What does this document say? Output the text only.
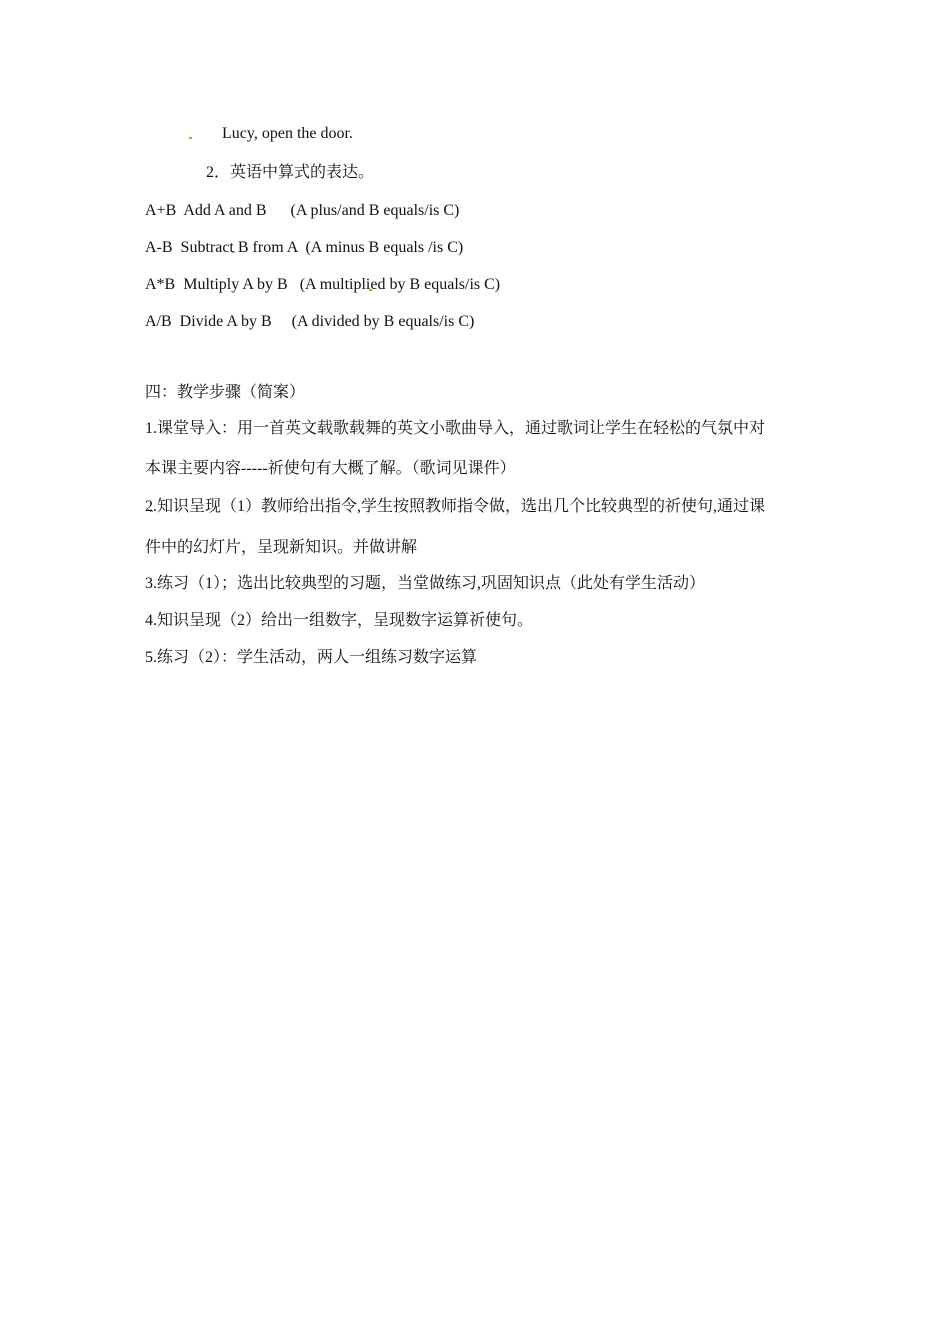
Lucy, open the door.
2．英语中算式的表达。
A+B  Add A and B      (A plus/and B equals/is C)
A-B  Subtract B from A  (A minus B equals /is C)
A*B  Multiply A by B   (A multiplied by B equals/is C)
A/B  Divide A by B     (A divided by B equals/is C)
四：教学步骤（简案）
1.课堂导入：用一首英文载歌载舞的英文小歌曲导入，通过歌词让学生在轻松的气氛中对
本课主要内容-----祈使句有大概了解。（歌词见课件）
2.知识呈现（1）教师给出指令,学生按照教师指令做，选出几个比较典型的祈使句,通过课
件中的幻灯片，呈现新知识。并做讲解
3.练习（1）；选出比较典型的习题，当堂做练习,巩固知识点（此处有学生活动）
4.知识呈现（2）给出一组数字，呈现数字运算祈使句。
5.练习（2）：学生活动，两人一组练习数字运算
